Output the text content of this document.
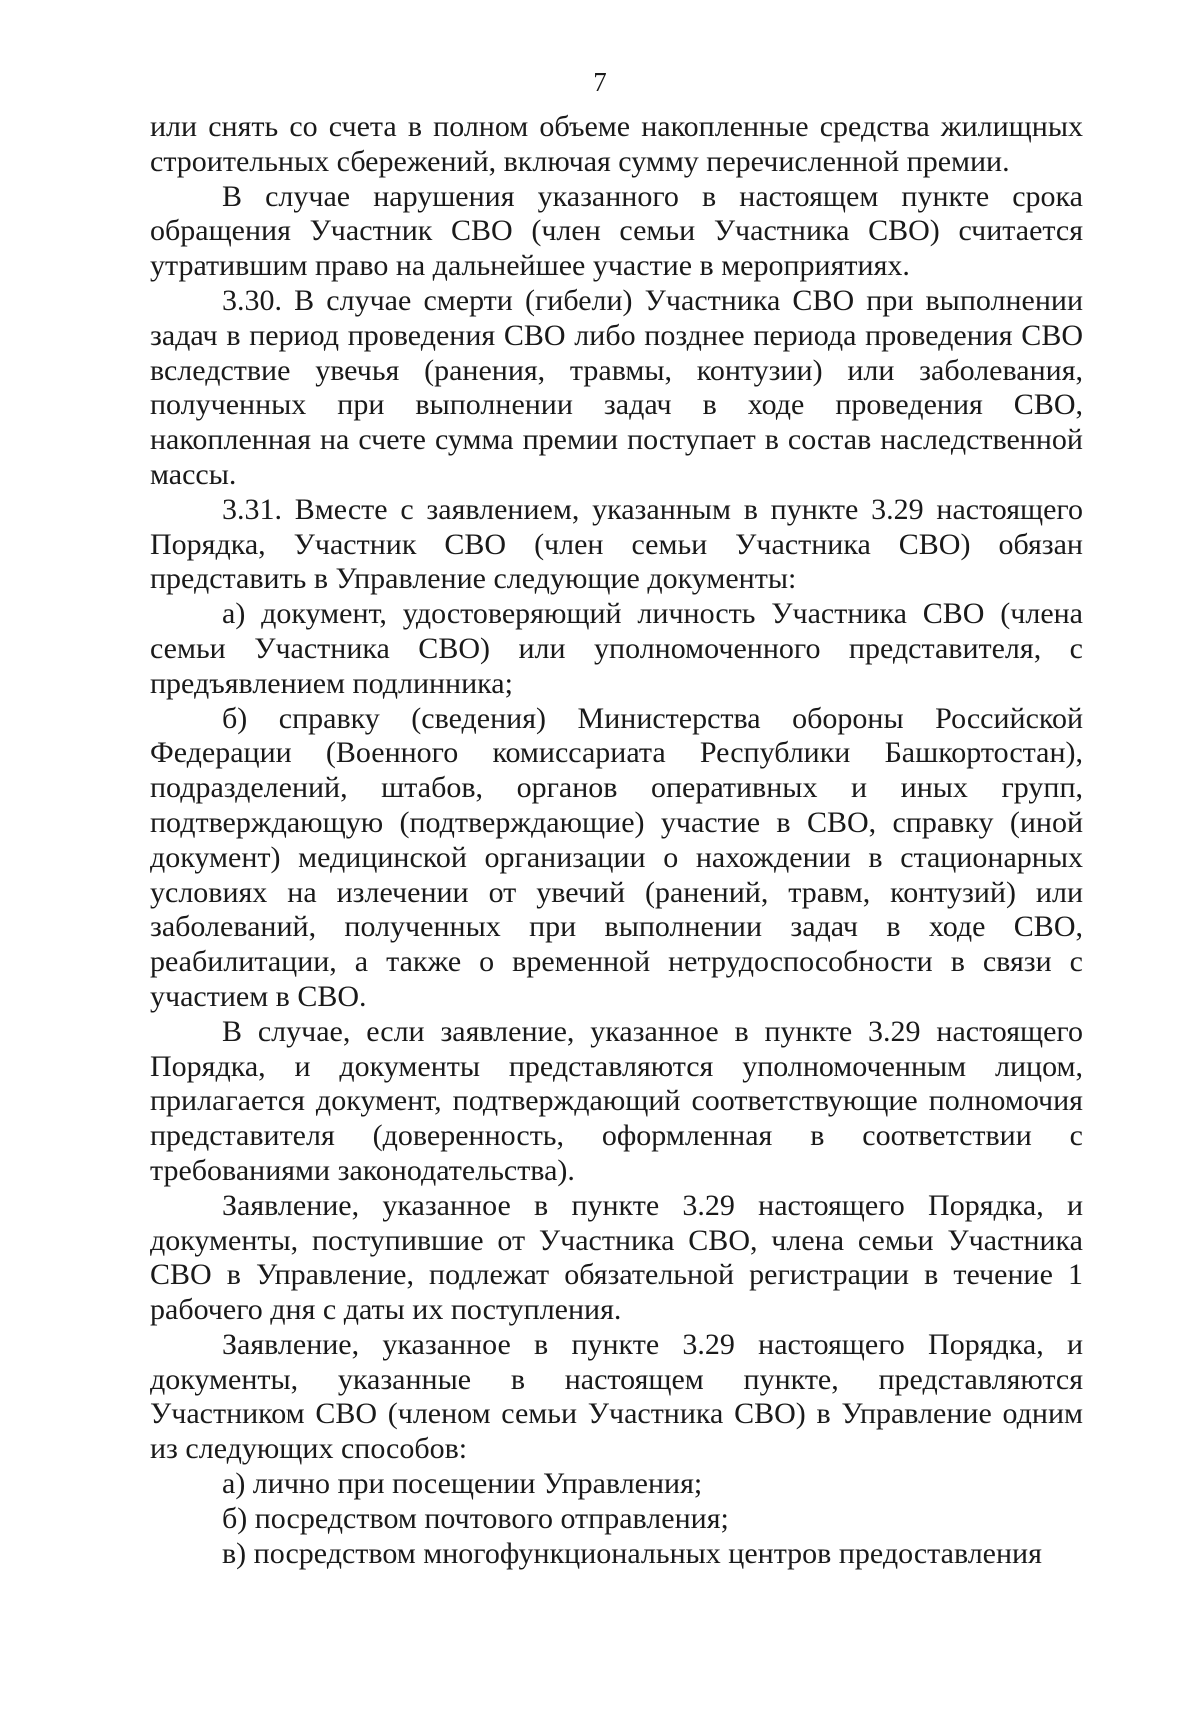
7

или снять со счета в полном объеме накопленные средства жилищных строительных сбережений, включая сумму перечисленной премии.

В случае нарушения указанного в настоящем пункте срока обращения Участник СВО (член семьи Участника СВО) считается утратившим право на дальнейшее участие в мероприятиях.

3.30. В случае смерти (гибели) Участника СВО при выполнении задач в период проведения СВО либо позднее периода проведения СВО вследствие увечья (ранения, травмы, контузии) или заболевания, полученных при выполнении задач в ходе проведения СВО, накопленная на счете сумма премии поступает в состав наследственной массы.

3.31. Вместе с заявлением, указанным в пункте 3.29 настоящего Порядка, Участник СВО (член семьи Участника СВО) обязан представить в Управление следующие документы:

а) документ, удостоверяющий личность Участника СВО (члена семьи Участника СВО) или уполномоченного представителя, с предъявлением подлинника;

б) справку (сведения) Министерства обороны Российской Федерации (Военного комиссариата Республики Башкортостан), подразделений, штабов, органов оперативных и иных групп, подтверждающую (подтверждающие) участие в СВО, справку (иной документ) медицинской организации о нахождении в стационарных условиях на излечении от увечий (ранений, травм, контузий) или заболеваний, полученных при выполнении задач в ходе СВО, реабилитации, а также о временной нетрудоспособности в связи с участием в СВО.

В случае, если заявление, указанное в пункте 3.29 настоящего Порядка, и документы представляются уполномоченным лицом, прилагается документ, подтверждающий соответствующие полномочия представителя (доверенность, оформленная в соответствии с требованиями законодательства).

Заявление, указанное в пункте 3.29 настоящего Порядка, и документы, поступившие от Участника СВО, члена семьи Участника СВО в Управление, подлежат обязательной регистрации в течение 1 рабочего дня с даты их поступления.

Заявление, указанное в пункте 3.29 настоящего Порядка, и документы, указанные в настоящем пункте, представляются Участником СВО (членом семьи Участника СВО) в Управление одним из следующих способов:

а) лично при посещении Управления;

б) посредством почтового отправления;

в) посредством многофункциональных центров предоставления
